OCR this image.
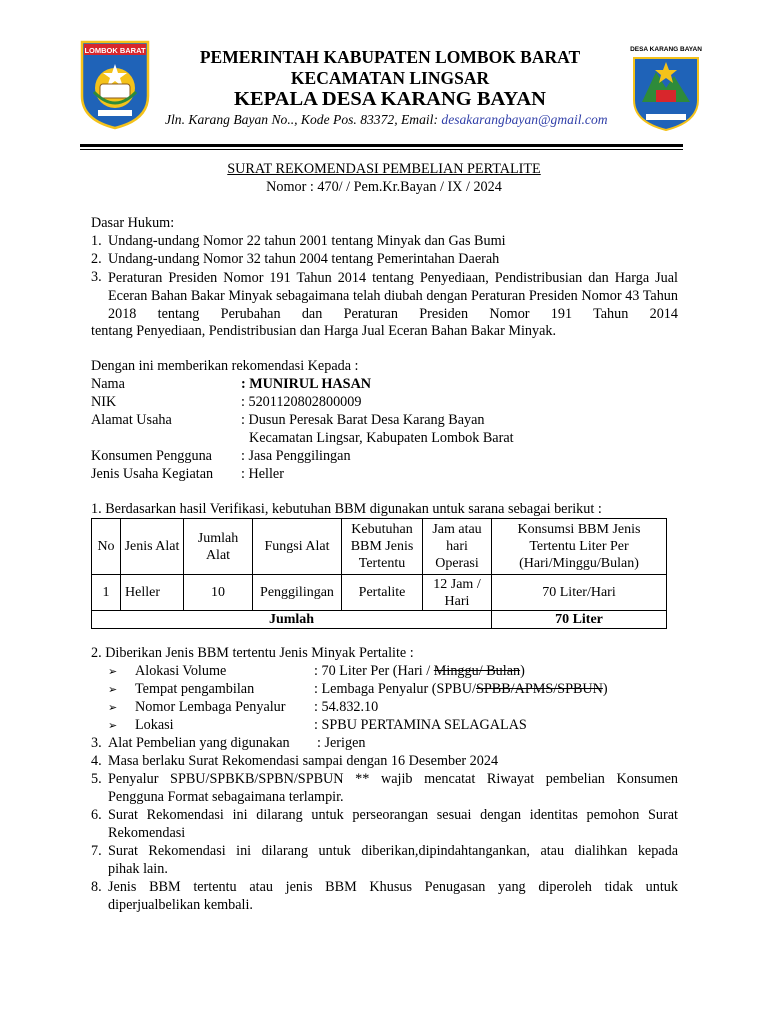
LOMBOK BARAT	DESA KARANG BAYAN
PEMERINTAH KABUPATEN LOMBOK BARAT
KECAMATAN LINGSAR
KEPALA DESA KARANG BAYAN
Jln. Karang Bayan No.., Kode Pos. 83372, Email: desakarangbayan@gmail.com
SURAT REKOMENDASI PEMBELIAN PERTALITE
Nomor : 470/ / Pem.Kr.Bayan / IX / 2024
Dasar Hukum:
1. Undang-undang Nomor 22 tahun 2001 tentang Minyak dan Gas Bumi
2. Undang-undang Nomor 32 tahun 2004 tentang Pemerintahan Daerah
3. Peraturan Presiden Nomor 191 Tahun 2014 tentang Penyediaan, Pendistribusian dan Harga Jual Eceran Bahan Bakar Minyak sebagaimana telah diubah dengan Peraturan Presiden Nomor 43 Tahun 2018 tentang Perubahan dan Peraturan Presiden Nomor 191 Tahun 2014
tentang Penyediaan, Pendistribusian dan Harga Jual Eceran Bahan Bakar Minyak.
Dengan ini memberikan rekomendasi Kepada :
Nama	: MUNIRUL HASAN
NIK	: 5201120802800009
Alamat Usaha	: Dusun Peresak Barat Desa Karang Bayan
Kecamatan Lingsar, Kabupaten Lombok Barat
Konsumen Pengguna : Jasa Penggilingan
Jenis Usaha Kegiatan : Heller
1. Berdasarkan hasil Verifikasi, kebutuhan BBM digunakan untuk sarana sebagai berikut :
No	Jenis Alat	Jumlah Alat	Fungsi Alat	Kebutuhan BBM Jenis Tertentu	Jam atau hari Operasi	Konsumsi BBM Jenis Tertentu Liter Per (Hari/Minggu/Bulan)
1	Heller	10	Penggilingan	Pertalite	12 Jam / Hari	70 Liter/Hari
Jumlah						70 Liter
2. Diberikan Jenis BBM tertentu Jenis Minyak Pertalite :
➢ Alokasi Volume	: 70 Liter Per (Hari / Minggu/ Bulan)
➢ Tempat pengambilan	: Lembaga Penyalur (SPBU/SPBB/APMS/SPBUN)
➢ Nomor Lembaga Penyalur : 54.832.10
➢ Lokasi	: SPBU PERTAMINA SELAGALAS
3. Alat Pembelian yang digunakan : Jerigen
4. Masa berlaku Surat Rekomendasi sampai dengan 16 Desember 2024
5. Penyalur SPBU/SPBKB/SPBN/SPBUN ** wajib mencatat Riwayat pembelian Konsumen
Pengguna Format sebagaimana terlampir.
6. Surat Rekomendasi ini dilarang untuk perseorangan sesuai dengan identitas pemohon Surat
Rekomendasi
7. Surat Rekomendasi ini dilarang untuk diberikan,dipindahtangankan, atau dialihkan kepada
pihak lain.
8. Jenis BBM tertentu atau jenis BBM Khusus Penugasan yang diperoleh tidak untuk
diperjualbelikan kembali.
